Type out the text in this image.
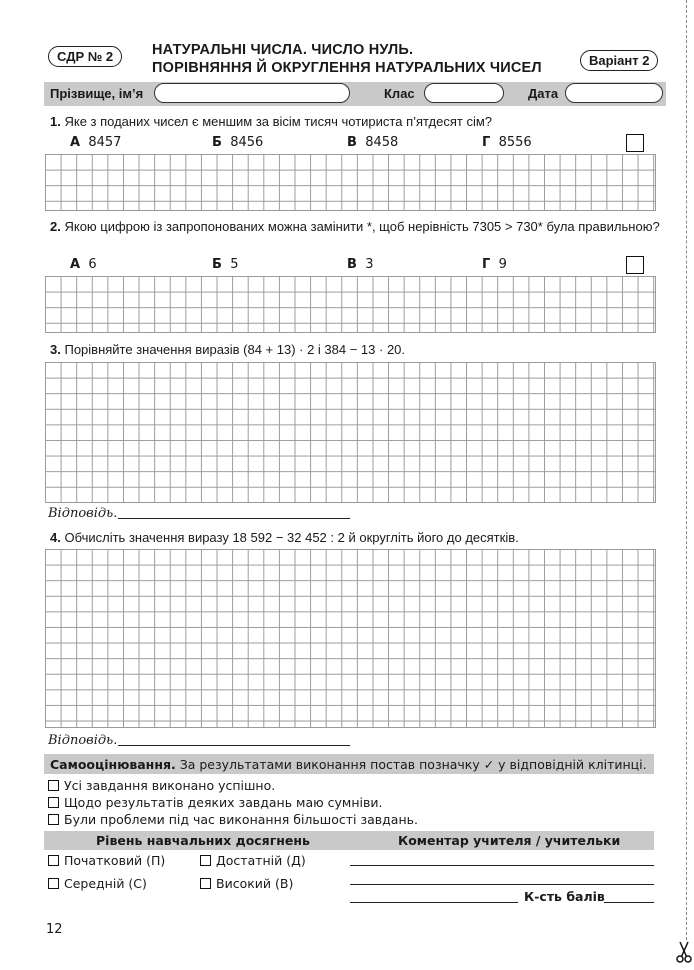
СДР № 2	НАТУРАЛЬНІ ЧИСЛА. ЧИСЛО НУЛЬ.
ПОРІВНЯННЯ Й ОКРУГЛЕННЯ НАТУРАЛЬНИХ ЧИСЕЛ	Варіант 2
Прізвище, ім’я	Клас	Дата
1. Яке з поданих чисел є меншим за вісім тисяч чотириста п’ятдесят сім?
А 8457	Б 8456	В 8458	Г 8556
2. Якою цифрою із запропонованих можна замінити *, щоб нерівність 7305 > 730* була правильною?
А 6	Б 5	В 3	Г 9
3. Порівняйте значення виразів (84 + 13) · 2 і 384 − 13 · 20.
Відповідь.
4. Обчисліть значення виразу 18 592 − 32 452 : 2 й округліть його до десятків.
Відповідь.
Самооцінювання. За результатами виконання постав позначку ✓ у відповідній клітинці.
Усі завдання виконано успішно.
Щодо результатів деяких завдань маю сумніви.
Були проблеми під час виконання більшості завдань.
Рівень навчальних досягнень	Коментар учителя / учительки
Початковий (П)	Достатній (Д)
Середній (С)	Високий (В)
К-сть балів
12
